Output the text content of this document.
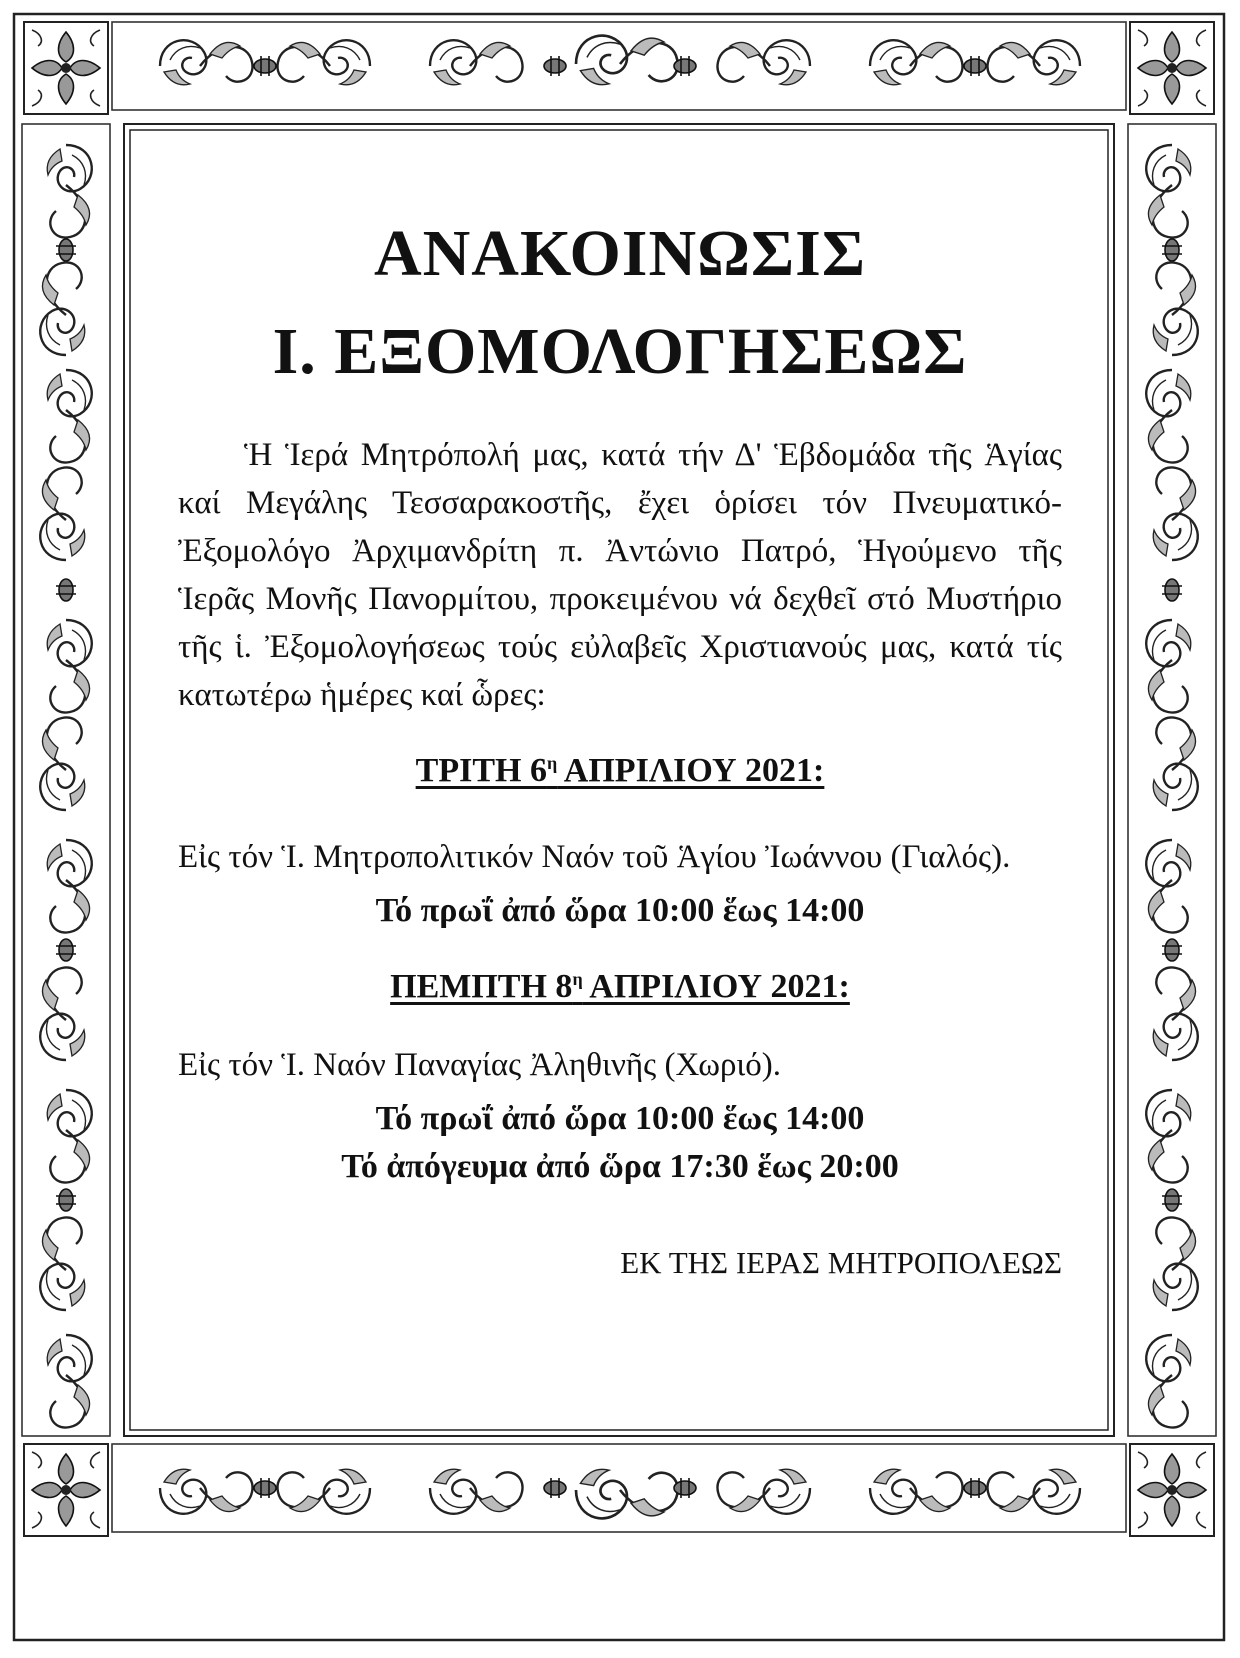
ΑΝΑΚΟΙΝΩΣΙΣ
Ι. ΕΞΟΜΟΛΟΓΗΣΕΩΣ

Ἡ Ἱερά Μητρόπολή μας, κατά τήν Δ' Ἑβδομάδα τῆς Ἁγίας καί Μεγάλης Τεσσαρακοστῆς, ἔχει ὁρίσει τόν Πνευματικό-Ἐξομολόγο Ἀρχιμανδρίτη π. Ἀντώνιο Πατρό, Ἡγούμενο τῆς Ἱερᾶς Μονῆς Πανορμίτου, προκειμένου νά δεχθεῖ στό Μυστήριο τῆς ἱ. Ἐξομολογήσεως τούς εὐλαβεῖς Χριστιανούς μας, κατά τίς κατωτέρω ἡμέρες καί ὧρες:

ΤΡΙΤΗ $6^\eta$ ΑΠΡΙΛΙΟΥ 2021:

Εἰς τόν Ἱ. Μητροπολιτικόν Ναόν τοῦ Ἁγίου Ἰωάννου (Γιαλός).

Τό πρωΐ ἀπό ὥρα 10:00 ἕως 14:00

ΠΕΜΠΤΗ $8^\eta$ ΑΠΡΙΛΙΟΥ 2021:

Εἰς τόν Ἱ. Ναόν Παναγίας Ἀληθινῆς (Χωριό).

Τό πρωΐ ἀπό ὥρα 10:00 ἕως 14:00

Τό ἀπόγευμα ἀπό ὥρα 17:30 ἕως 20:00

ΕΚ ΤΗΣ ΙΕΡΑΣ ΜΗΤΡΟΠΟΛΕΩΣ
